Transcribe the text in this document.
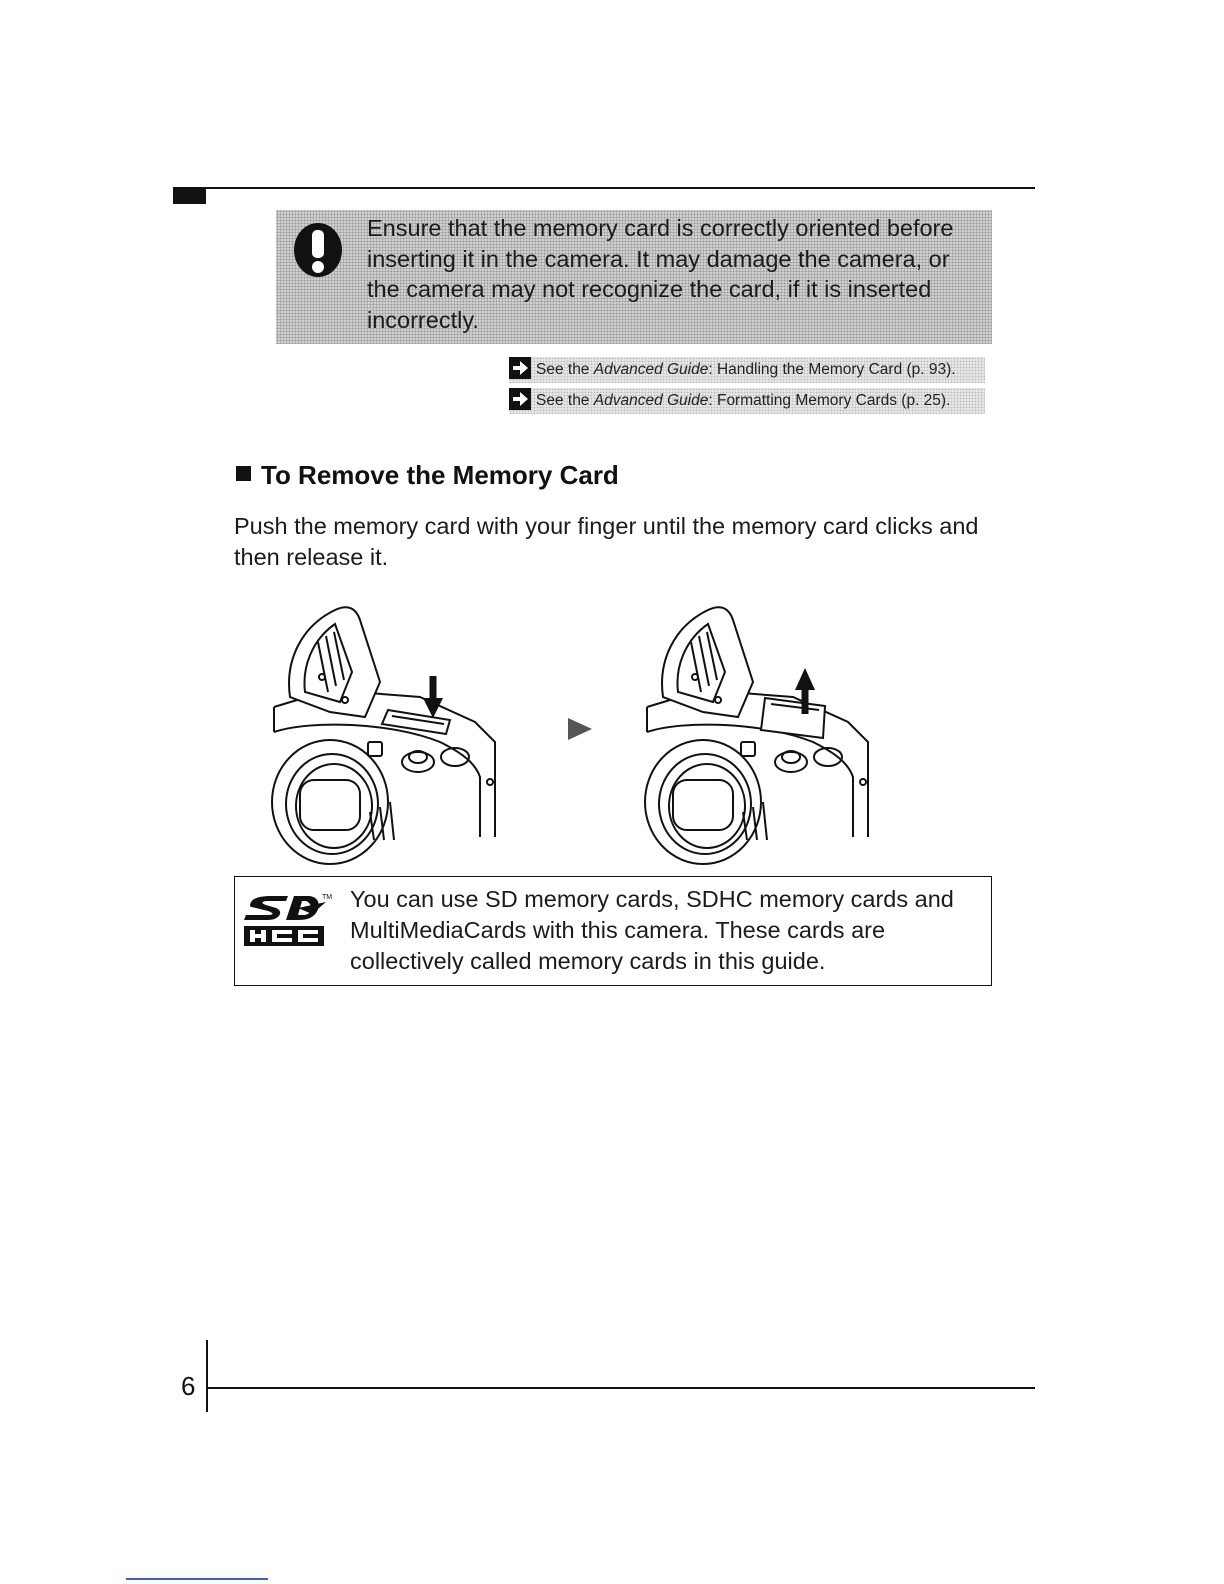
Ensure that the memory card is correctly oriented before inserting it in the camera. It may damage the camera, or the camera may not recognize the card, if it is inserted incorrectly.

See the Advanced Guide: Handling the Memory Card (p. 93).
See the Advanced Guide: Formatting Memory Cards (p. 25).
To Remove the Memory Card

Push the memory card with your finger until the memory card clicks and then release it.

TM You can use SD memory cards, SDHC memory cards and MultiMediaCards with this camera. These cards are collectively called memory cards in this guide.

6
